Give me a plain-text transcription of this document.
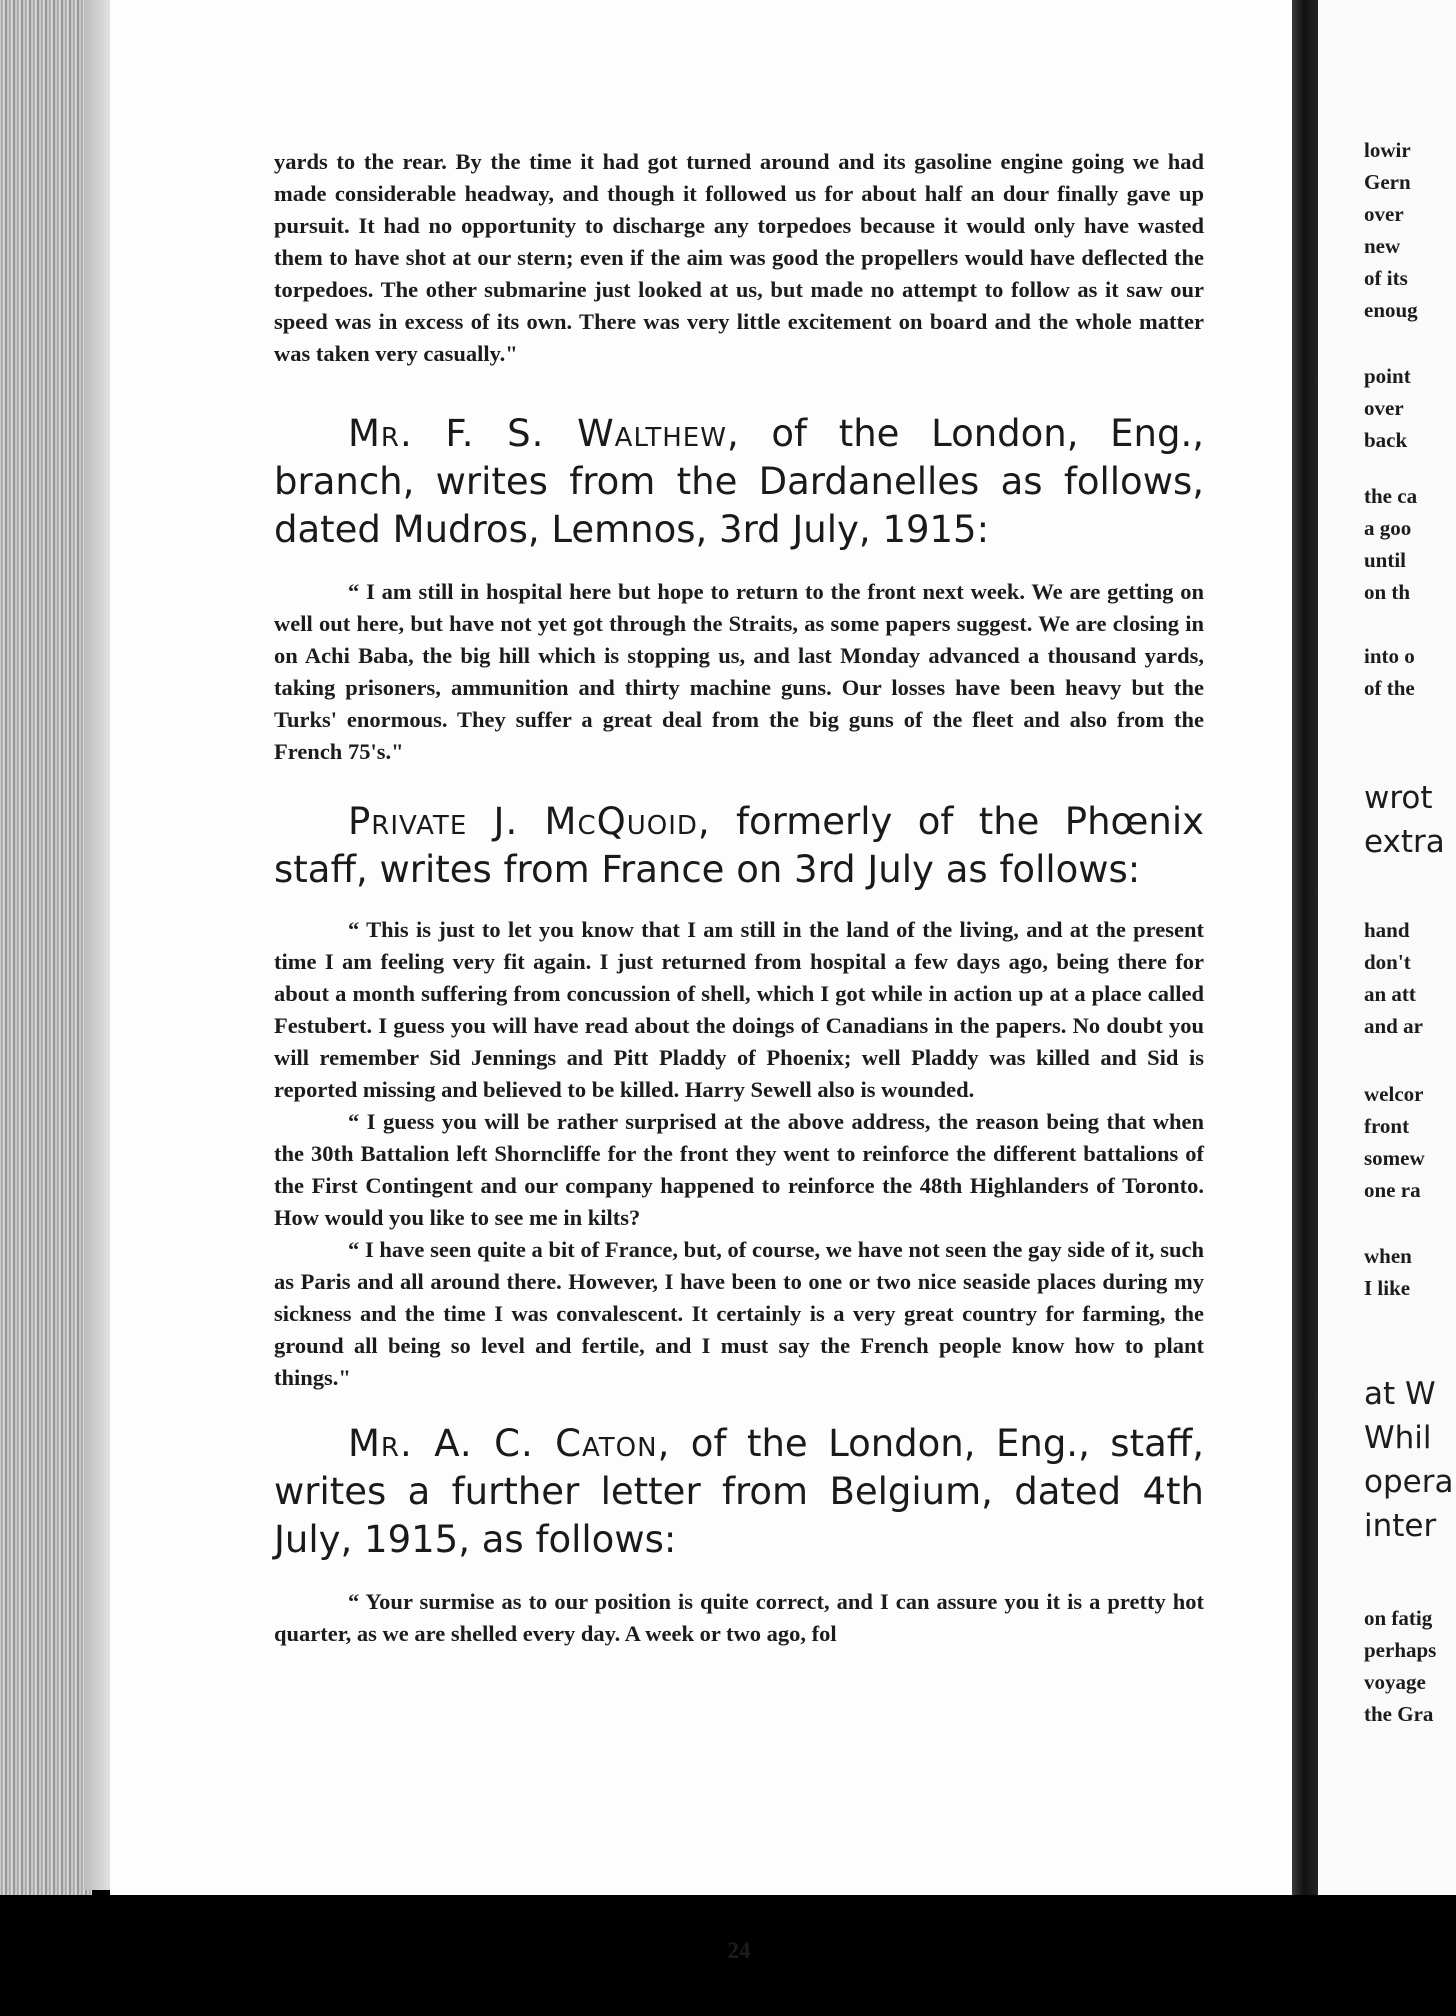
yards to the rear. By the time it had got turned around and its gasoline engine going we had made considerable headway, and though it followed us for about half an dour finally gave up pursuit. It had no opportunity to discharge any torpedoes because it would only have wasted them to have shot at our stern; even if the aim was good the propellers would have deflected the torpedoes. The other submarine just looked at us, but made no attempt to follow as it saw our speed was in excess of its own. There was very little excitement on board and the whole matter was taken very casually."

Mr. F. S. Walthew, of the London, Eng., branch, writes from the Dardanelles as follows, dated Mudros, Lemnos, 3rd July, 1915:

“ I am still in hospital here but hope to return to the front next week. We are getting on well out here, but have not yet got through the Straits, as some papers suggest. We are closing in on Achi Baba, the big hill which is stopping us, and last Monday advanced a thousand yards, taking prisoners, ammunition and thirty machine guns. Our losses have been heavy but the Turks' enormous. They suffer a great deal from the big guns of the fleet and also from the French 75's."

Private J. McQuoid, formerly of the Phœnix staff, writes from France on 3rd July as follows:

“ This is just to let you know that I am still in the land of the living, and at the present time I am feeling very fit again. I just returned from hospital a few days ago, being there for about a month suffering from concussion of shell, which I got while in action up at a place called Festubert. I guess you will have read about the doings of Canadians in the papers. No doubt you will remember Sid Jennings and Pitt Pladdy of Phoenix; well Pladdy was killed and Sid is reported missing and believed to be killed. Harry Sewell also is wounded.

“ I guess you will be rather surprised at the above address, the reason being that when the 30th Battalion left Shorncliffe for the front they went to reinforce the different battalions of the First Contingent and our company happened to reinforce the 48th Highlanders of Toronto. How would you like to see me in kilts?

“ I have seen quite a bit of France, but, of course, we have not seen the gay side of it, such as Paris and all around there. However, I have been to one or two nice seaside places during my sickness and the time I was convalescent. It certainly is a very great country for farming, the ground all being so level and fertile, and I must say the French people know how to plant things."

Mr. A. C. Caton, of the London, Eng., staff, writes a further letter from Belgium, dated 4th July, 1915, as follows:

“ Your surmise as to our position is quite correct, and I can assure you it is a pretty hot quarter, as we are shelled every day. A week or two ago, fol

24
lowir
Gern
over
new
of its
enoug
point
over
back
the ca
a goo
until
on th
into o
of the
wrot
extra
hand
don't
an att
and ar
welcor
front
somew
one ra
when
I like
at W
Whil
opera
inter
on fatig
perhaps
voyage
the Gra
